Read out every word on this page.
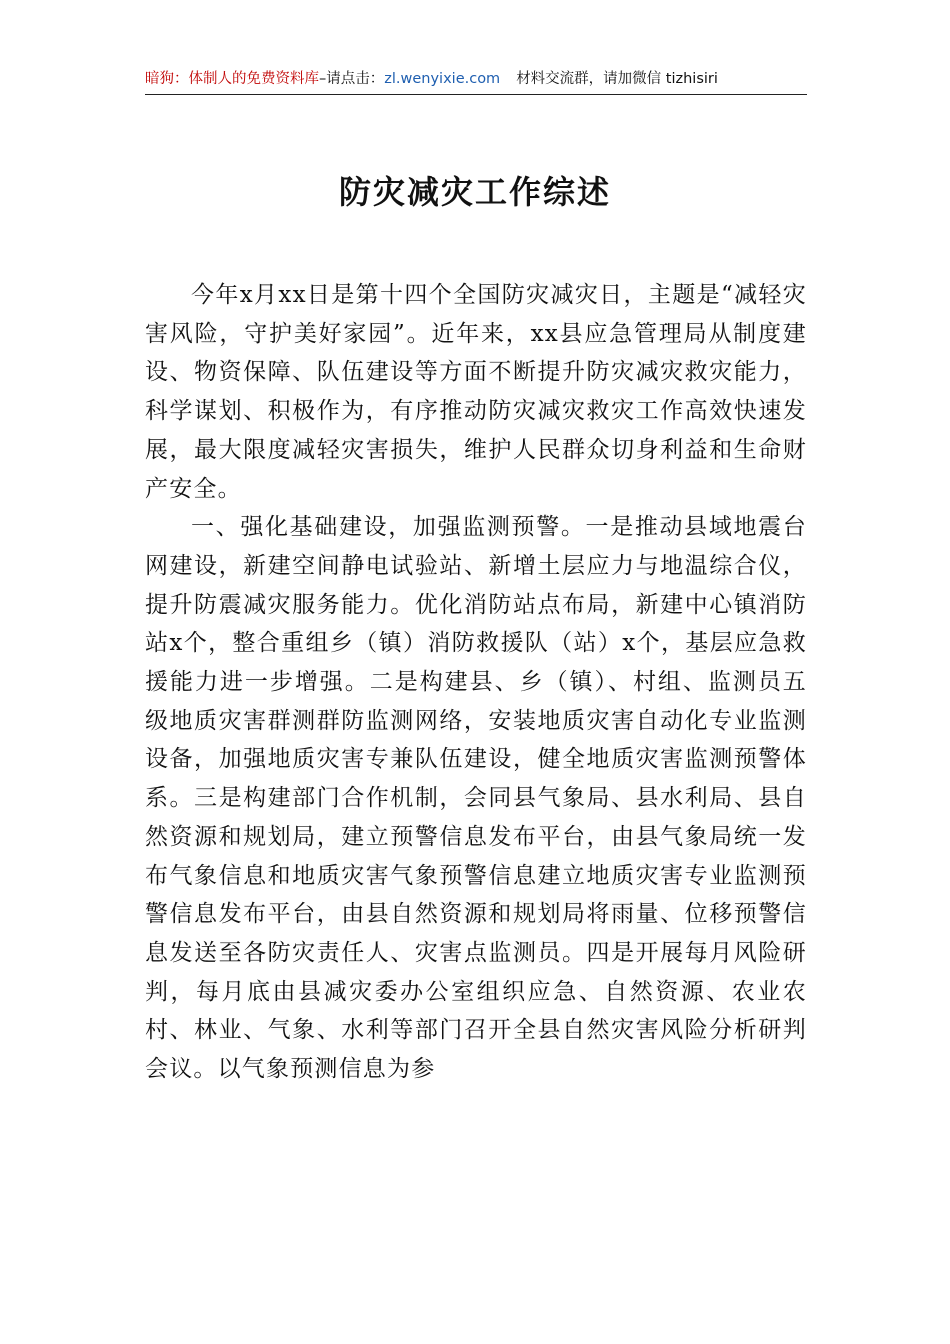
暗狗：体制人的免费资料库–请点击：zl.wenyixie.com 材料交流群，请加微信 tizhisiri
防灾减灾工作综述

今年x月xx日是第十四个全国防灾减灾日，主题是“减轻灾害风险，守护美好家园”。近年来，xx县应急管理局从制度建设、物资保障、队伍建设等方面不断提升防灾减灾救灾能力，科学谋划、积极作为，有序推动防灾减灾救灾工作高效快速发展，最大限度减轻灾害损失，维护人民群众切身利益和生命财产安全。

一、强化基础建设，加强监测预警。一是推动县域地震台网建设，新建空间静电试验站、新增土层应力与地温综合仪，提升防震减灾服务能力。优化消防站点布局，新建中心镇消防站x个，整合重组乡（镇）消防救援队（站）x个，基层应急救援能力进一步增强。二是构建县、乡（镇）、村组、监测员五级地质灾害群测群防监测网络，安装地质灾害自动化专业监测设备，加强地质灾害专兼队伍建设，健全地质灾害监测预警体系。三是构建部门合作机制，会同县气象局、县水利局、县自然资源和规划局，建立预警信息发布平台，由县气象局统一发布气象信息和地质灾害气象预警信息建立地质灾害专业监测预警信息发布平台，由县自然资源和规划局将雨量、位移预警信息发送至各防灾责任人、灾害点监测员。四是开展每月风险研判，每月底由县减灾委办公室组织应急、自然资源、农业农村、林业、气象、水利等部门召开全县自然灾害风险分析研判会议。以气象预测信息为参
